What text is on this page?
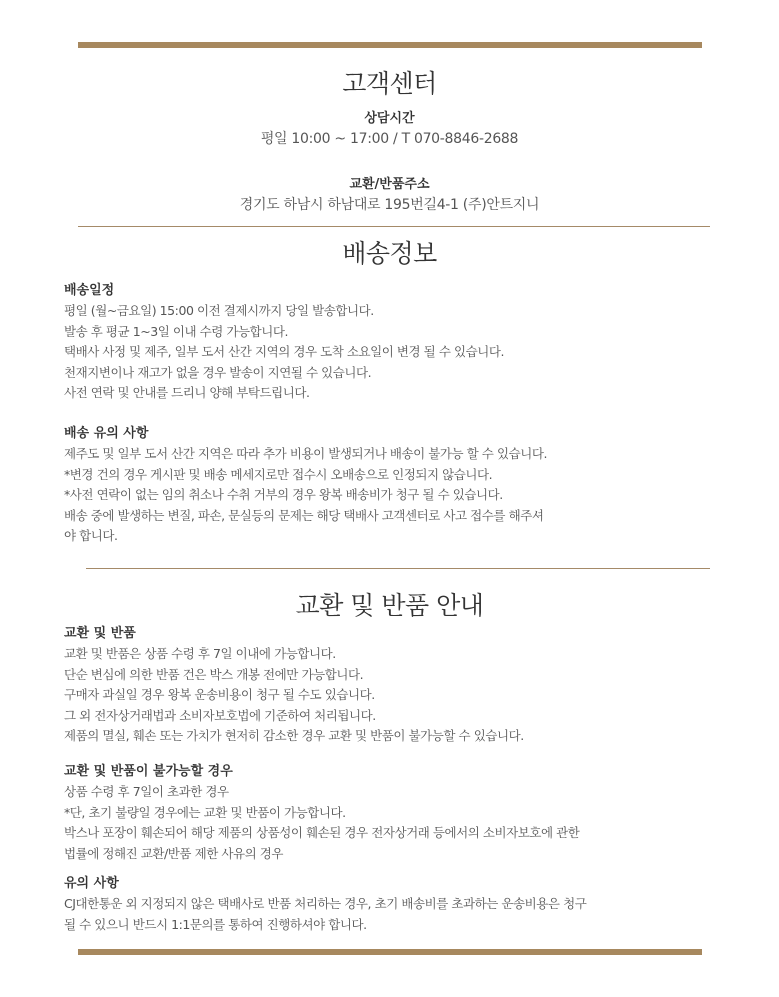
고객센터
상담시간
평일 10:00 ~ 17:00 / T 070-8846-2688
교환/반품주소
경기도 하남시 하남대로 195번길4-1 (주)안트지니
배송정보
배송일정
평일 (월~금요일) 15:00 이전 결제시까지 당일 발송합니다.
발송 후 평균 1~3일 이내 수령 가능합니다.
택배사 사정 및 제주, 일부 도서 산간 지역의 경우 도착 소요일이 변경 될 수 있습니다.
천재지변이나 재고가 없을 경우 발송이 지연될 수 있습니다.
사전 연락 및 안내를 드리니 양해 부탁드립니다.
배송 유의 사항
제주도 및 일부 도서 산간 지역은 따라 추가 비용이 발생되거나 배송이 불가능 할 수 있습니다.
*변경 건의 경우 게시판 및 배송 메세지로만 접수시 오배송으로 인정되지 않습니다.
*사전 연락이 없는 임의 취소나 수취 거부의 경우 왕복 배송비가 청구 될 수 있습니다.
배송 중에 발생하는 변질, 파손, 문실등의 문제는 해당 택배사 고객센터로 사고 접수를 해주셔
야 합니다.
교환 및 반품 안내
교환 및 반품
교환 및 반품은 상품 수령 후 7일 이내에 가능합니다.
단순 변심에 의한 반품 건은 박스 개봉 전에만 가능합니다.
구매자 과실일 경우 왕복 운송비용이 청구 될 수도 있습니다.
그 외 전자상거래법과 소비자보호법에 기준하여 처리됩니다.
제품의 멸실, 훼손 또는 가치가 현저히 감소한 경우 교환 및 반품이 불가능할 수 있습니다.
교환 및 반품이 불가능할 경우
상품 수령 후 7일이 초과한 경우
*단, 초기 불량일 경우에는 교환 및 반품이 가능합니다.
박스나 포장이 훼손되어 해당 제품의 상품성이 훼손된 경우 전자상거래 등에서의 소비자보호에 관한
법률에 정해진 교환/반품 제한 사유의 경우
유의 사항
CJ대한통운 외 지정되지 않은 택배사로 반품 처리하는 경우, 초기 배송비를 초과하는 운송비용은 청구
될 수 있으니 반드시 1:1문의를 통하여 진행하셔야 합니다.
